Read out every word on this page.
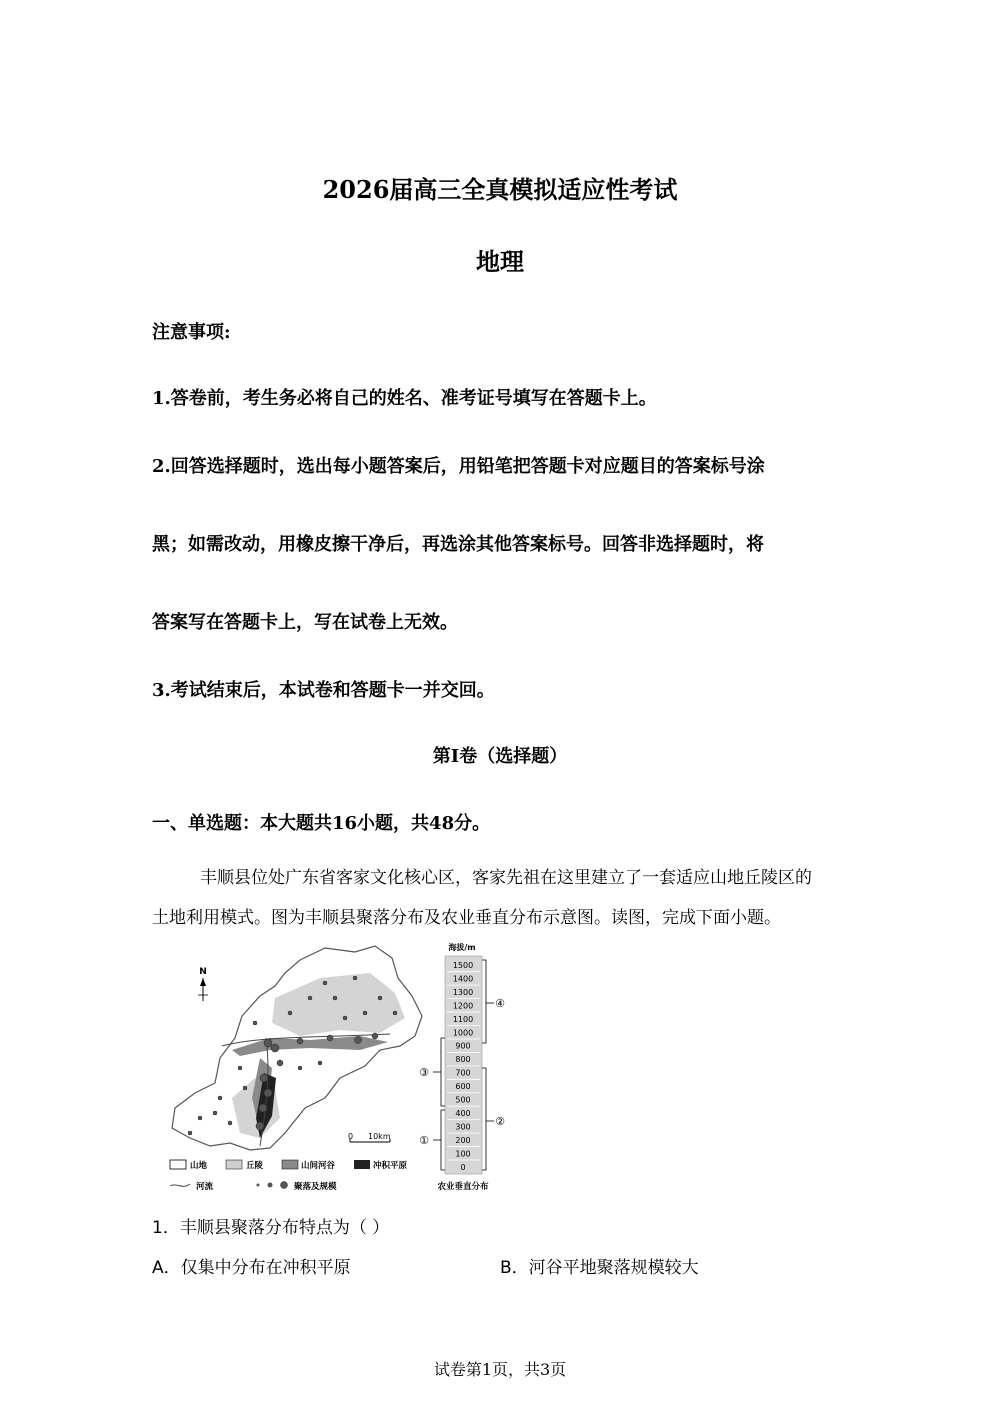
2026届高三全真模拟适应性考试
地理
注意事项:
1.答卷前，考生务必将自己的姓名、准考证号填写在答题卡上。
2.回答选择题时，选出每小题答案后，用铅笔把答题卡对应题目的答案标号涂
黑；如需改动，用橡皮擦干净后，再选涂其他答案标号。回答非选择题时，将
答案写在答题卡上，写在试卷上无效。
3.考试结束后，本试卷和答题卡一并交回。
第I卷（选择题）
一、单选题：本大题共16小题，共48分。
丰顺县位处广东省客家文化核心区，客家先祖在这里建立了一套适应山地丘陵区的
土地利用模式。图为丰顺县聚落分布及农业垂直分布示意图。读图，完成下面小题。
N
0 10km
山地	丘陵	山间河谷	冲积平原
河流	聚落及规模
海拔/m
1500
1400
1300
1200
1100
1000
900
800
700
600
500
400
300
200
100
0
④
③
②
①
农业垂直分布
1．丰顺县聚落分布特点为（ ）
A．仅集中分布在冲积平原	B．河谷平地聚落规模较大
试卷第1页，共3页
